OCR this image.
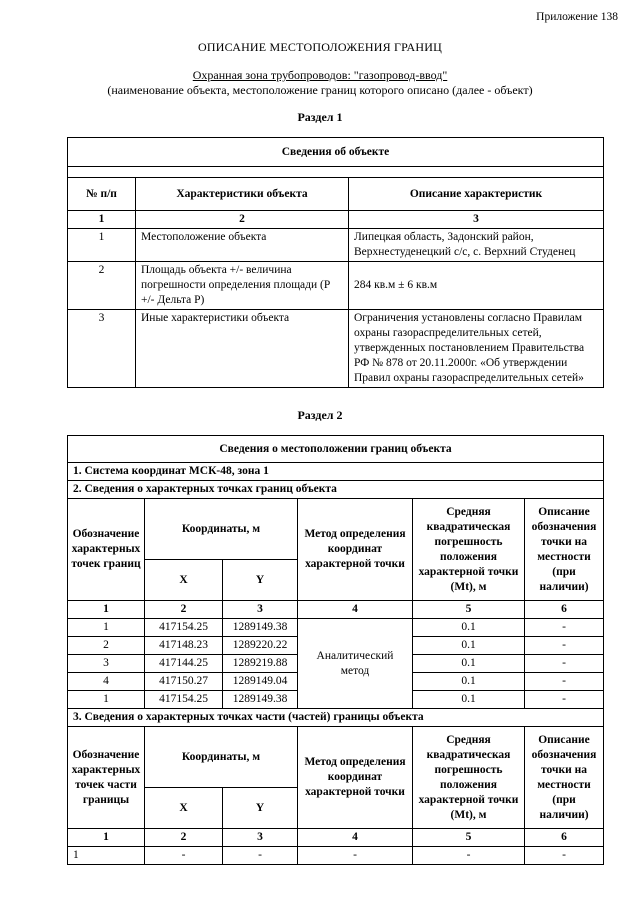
Приложение 138
ОПИСАНИЕ МЕСТОПОЛОЖЕНИЯ ГРАНИЦ
Охранная зона трубопроводов: "газопровод-ввод"
(наименование объекта, местоположение границ которого описано (далее - объект)
Раздел 1
Сведения об объекте		

№ п/п	Характеристики объекта	Описание характеристик
1	2	3
1	Местоположение объекта	Липецкая область, Задонский район, Верхнестуденецкий с/с, с. Верхний Студенец
2	Площадь объекта +/- величина погрешности определения площади (Р +/- Дельта Р)	284 кв.м ± 6 кв.м
3	Иные характеристики объекта	Ограничения установлены согласно Правилам охраны газораспределительных сетей, утвержденных постановлением Правительства РФ № 878 от 20.11.2000г. «Об утверждении Правил охраны газораспределительных сетей»
Раздел 2
Сведения о местоположении границ объекта					
1. Система координат МСК-48, зона 1					
2. Сведения о характерных точках границ объекта					
Обозначение характерных точек границ	Координаты, м		Метод определения координат характерной точки	Средняя квадратическая погрешность положения характерной точки (Мt), м	Описание обозначения точки на местности (при наличии)
	X	Y			
1	2	3	4	5	6
1	417154.25	1289149.38	Аналитический метод	0.1	-
2	417148.23	1289220.22		0.1	-
3	417144.25	1289219.88		0.1	-
4	417150.27	1289149.04		0.1	-
1	417154.25	1289149.38		0.1	-
3. Сведения о характерных точках части (частей) границы объекта					
Обозначение характерных точек части границы	Координаты, м		Метод определения координат характерной точки	Средняя квадратическая погрешность положения характерной точки (Мt), м	Описание обозначения точки на местности (при наличии)
	X	Y			
1	2	3	4	5	6
1	-	-	-	-	-
